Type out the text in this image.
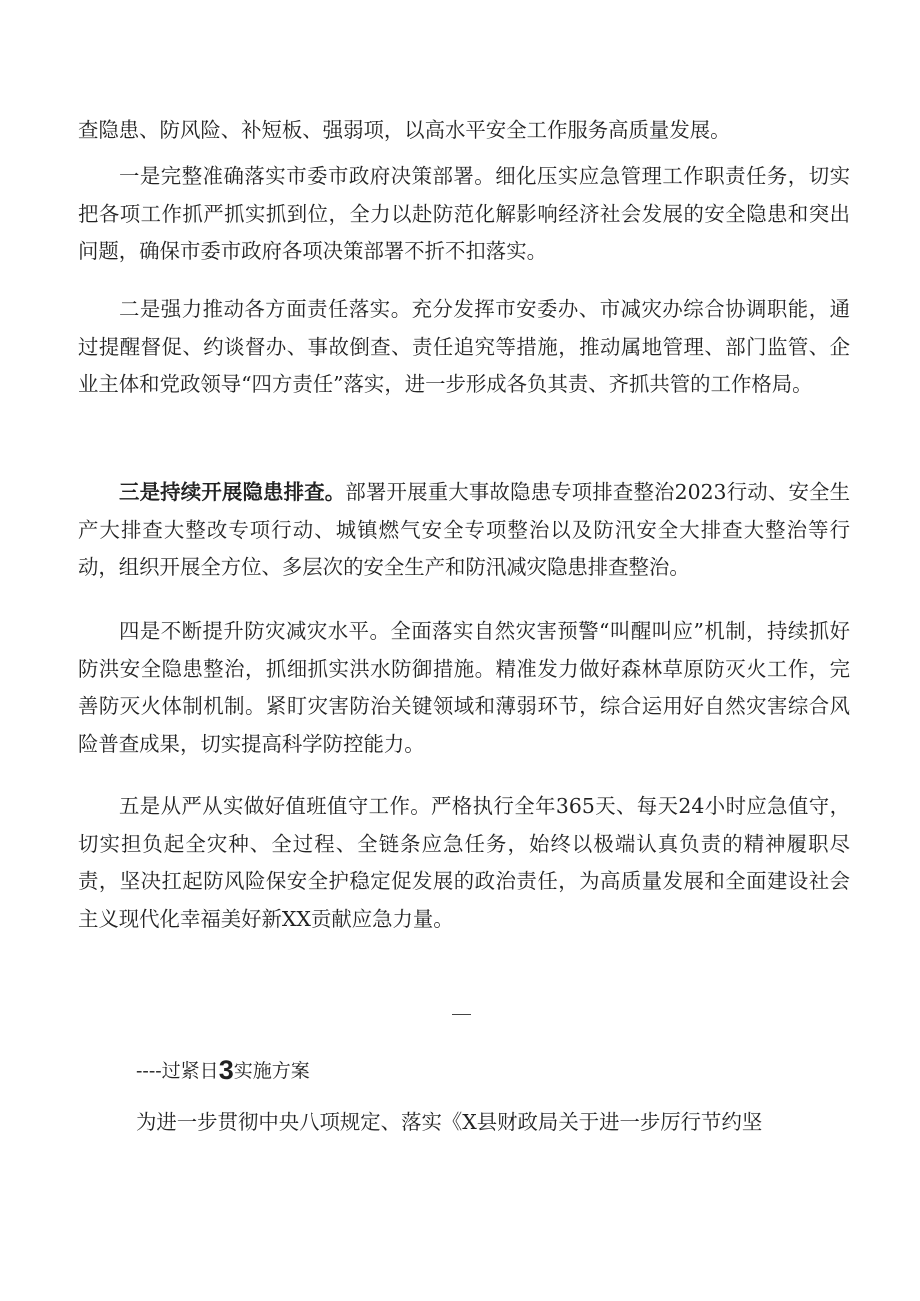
查隐患、防风险、补短板、强弱项，以高水平安全工作服务高质量发展。

一是完整准确落实市委市政府决策部署。细化压实应急管理工作职责任务，切实把各项工作抓严抓实抓到位，全力以赴防范化解影响经济社会发展的安全隐患和突出问题，确保市委市政府各项决策部署不折不扣落实。

二是强力推动各方面责任落实。充分发挥市安委办、市减灾办综合协调职能，通过提醒督促、约谈督办、事故倒查、责任追究等措施，推动属地管理、部门监管、企业主体和党政领导“四方责任”落实，进一步形成各负其责、齐抓共管的工作格局。

三是持续开展隐患排查。部署开展重大事故隐患专项排查整治2023行动、安全生产大排查大整改专项行动、城镇燃气安全专项整治以及防汛安全大排查大整治等行动，组织开展全方位、多层次的安全生产和防汛减灾隐患排查整治。

四是不断提升防灾减灾水平。全面落实自然灾害预警“叫醒叫应”机制，持续抓好防洪安全隐患整治，抓细抓实洪水防御措施。精准发力做好森林草原防灭火工作，完善防灭火体制机制。紧盯灾害防治关键领域和薄弱环节，综合运用好自然灾害综合风险普查成果，切实提高科学防控能力。

五是从严从实做好值班值守工作。严格执行全年365天、每天24小时应急值守，切实担负起全灾种、全过程、全链条应急任务，始终以极端认真负责的精神履职尽责，坚决扛起防风险保安全护稳定促发展的政治责任，为高质量发展和全面建设社会主义现代化幸福美好新XX贡献应急力量。

----过紧日3实施方案
为进一步贯彻中央八项规定、落实《X县财政局关于进一步厉行节约坚
